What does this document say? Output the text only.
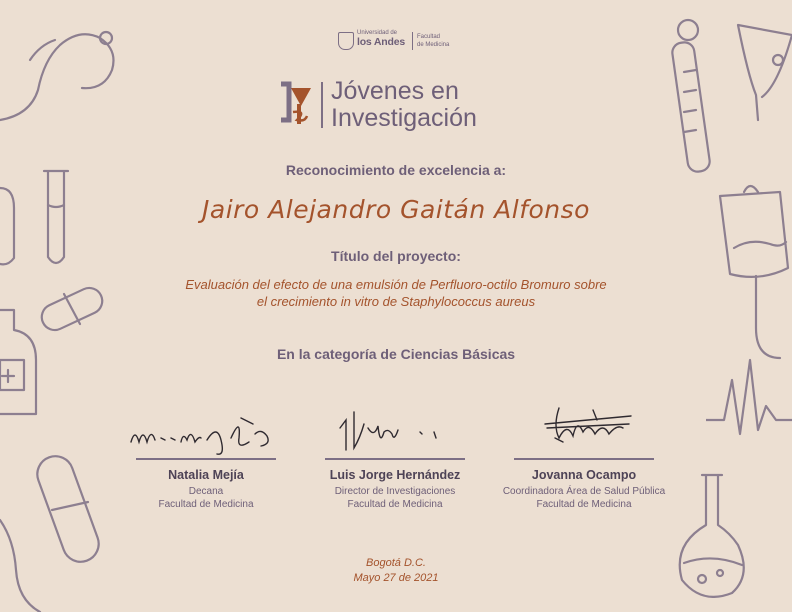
Universidad de
los Andes Facultad
de Medicina
Jóvenes en
Investigación
Reconocimiento de excelencia a:
Jairo Alejandro Gaitán Alfonso
Título del proyecto:
Evaluación del efecto de una emulsión de Perfluoro-octilo Bromuro sobre
el crecimiento in vitro de Staphylococcus aureus
En la categoría de Ciencias Básicas
Natalia Mejía
Decana
Facultad de Medicina
Luis Jorge Hernández
Director de Investigaciones
Facultad de Medicina
Jovanna Ocampo
Coordinadora Área de Salud Pública
Facultad de Medicina
Bogotá D.C.
Mayo 27 de 2021
